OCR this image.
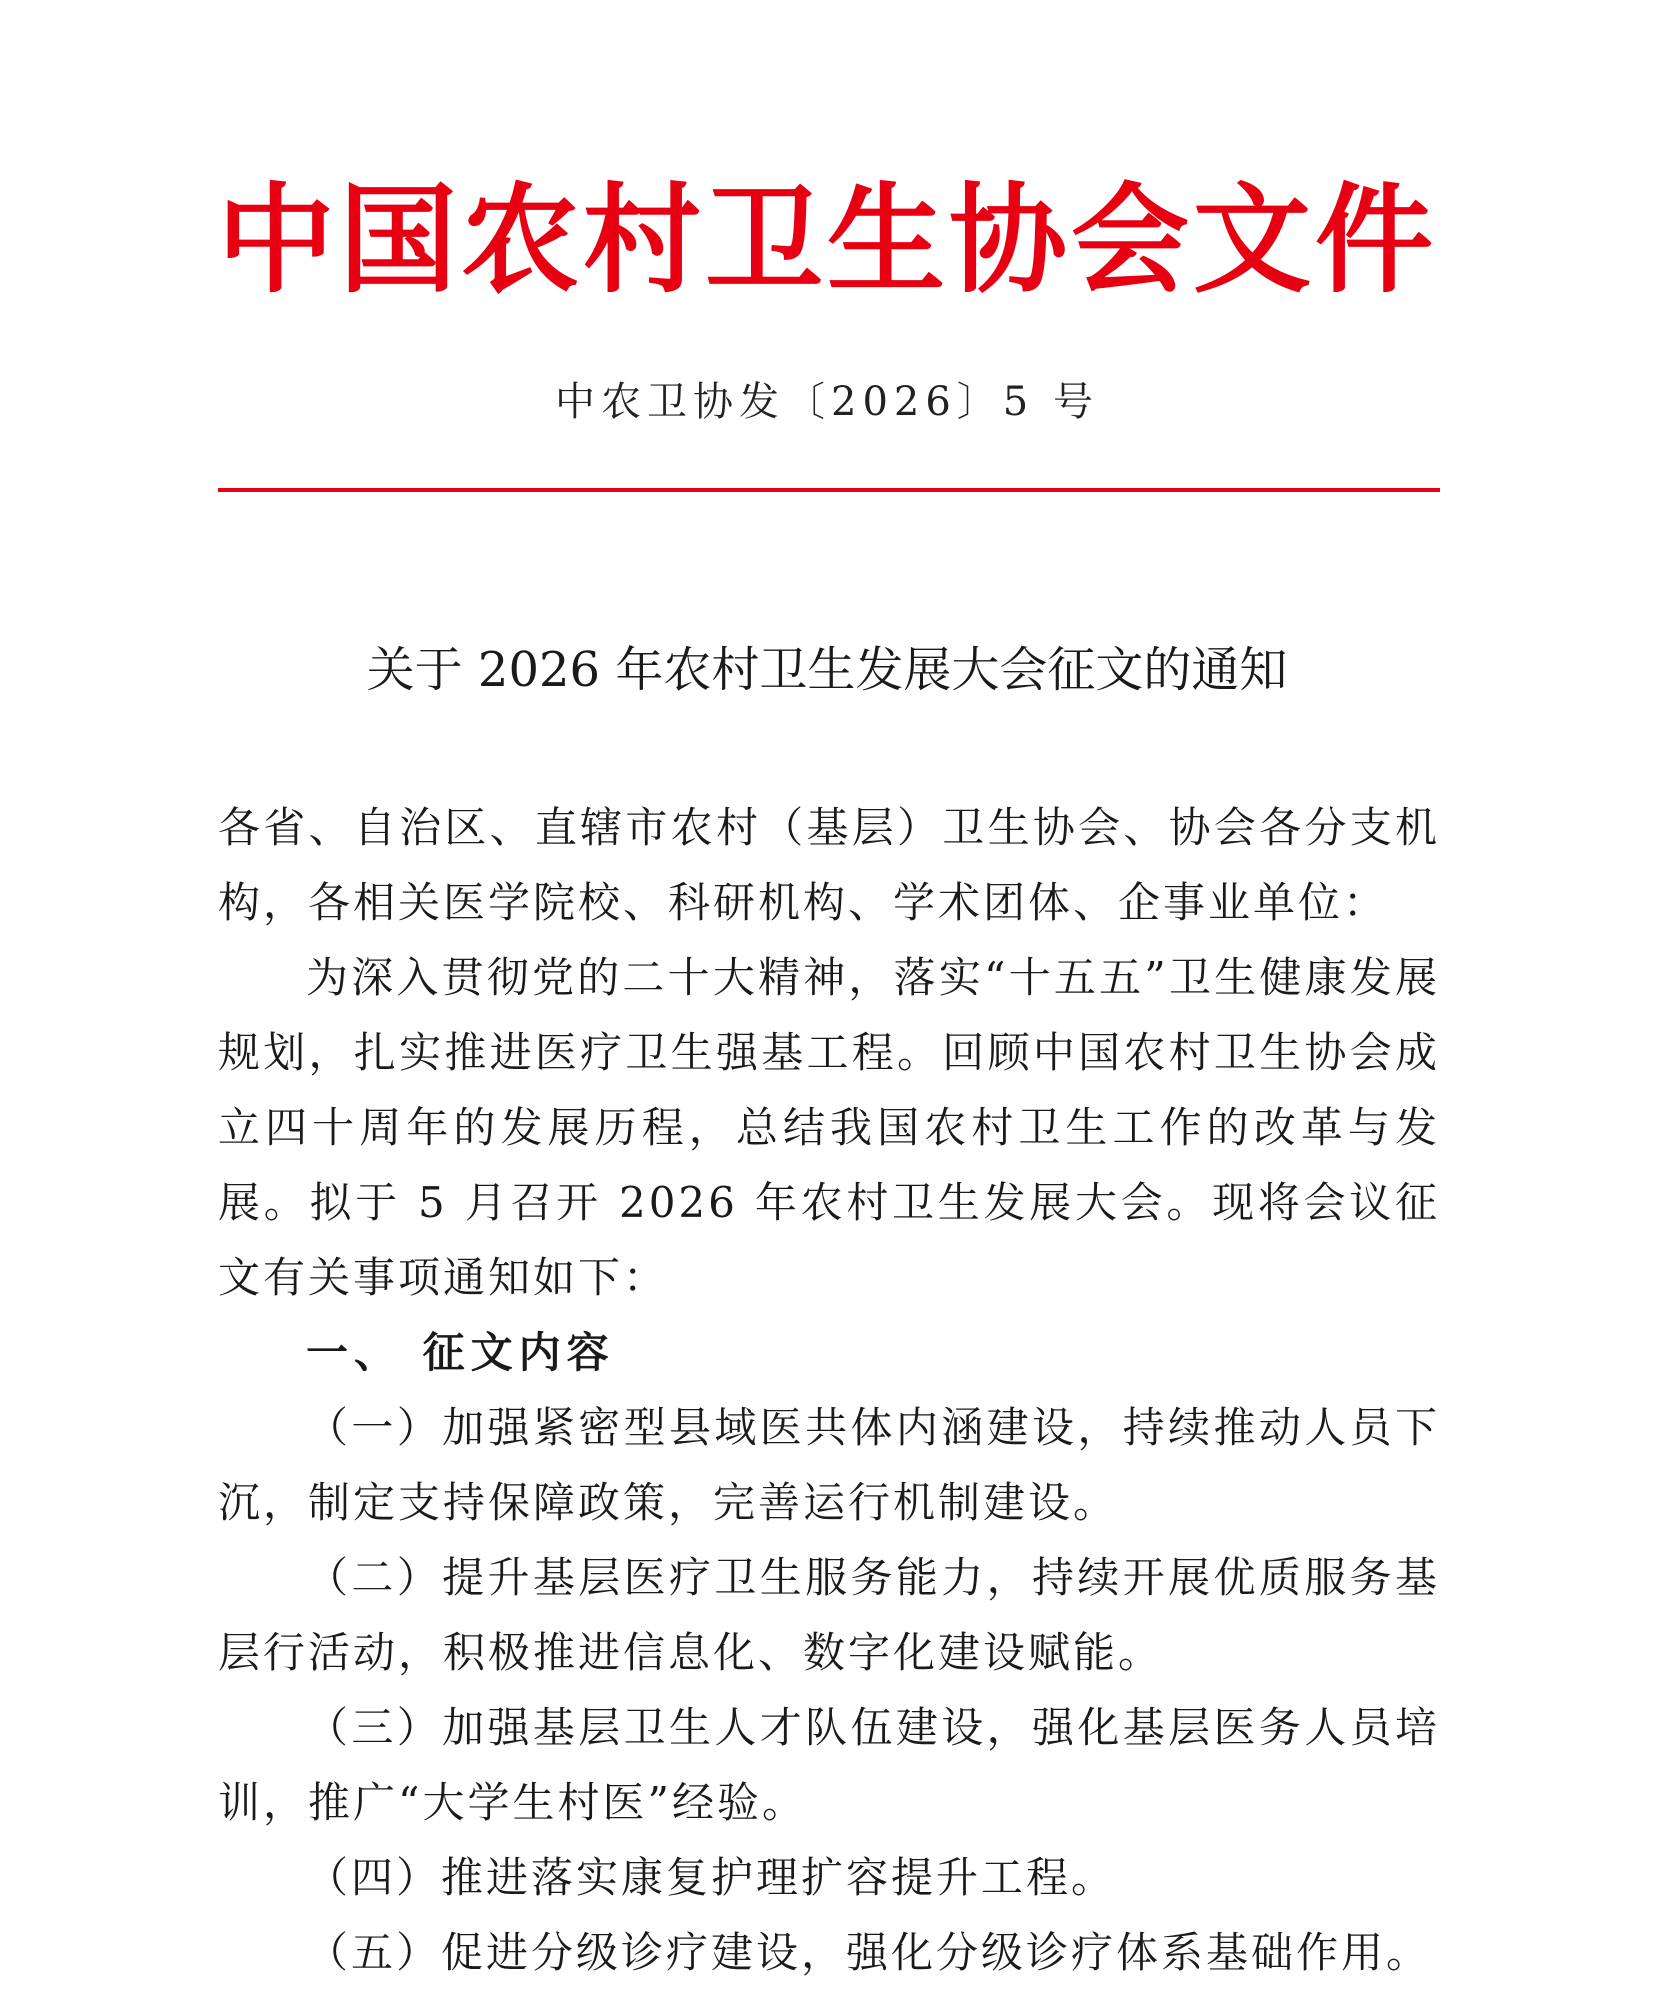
中国农村卫生协会文件
中农卫协发〔2026〕5 号
关于 2026 年农村卫生发展大会征文的通知

各省、自治区、直辖市农村（基层）卫生协会、协会各分支机构，各相关医学院校、科研机构、学术团体、企事业单位：

为深入贯彻党的二十大精神，落实“十五五”卫生健康发展规划，扎实推进医疗卫生强基工程。回顾中国农村卫生协会成立四十周年的发展历程，总结我国农村卫生工作的改革与发展。拟于 5 月召开 2026 年农村卫生发展大会。现将会议征文有关事项通知如下：

一、 征文内容

（一）加强紧密型县域医共体内涵建设，持续推动人员下沉，制定支持保障政策，完善运行机制建设。

（二）提升基层医疗卫生服务能力，持续开展优质服务基层行活动，积极推进信息化、数字化建设赋能。

（三）加强基层卫生人才队伍建设，强化基层医务人员培训，推广“大学生村医”经验。

（四）推进落实康复护理扩容提升工程。

（五）促进分级诊疗建设，强化分级诊疗体系基础作用。
